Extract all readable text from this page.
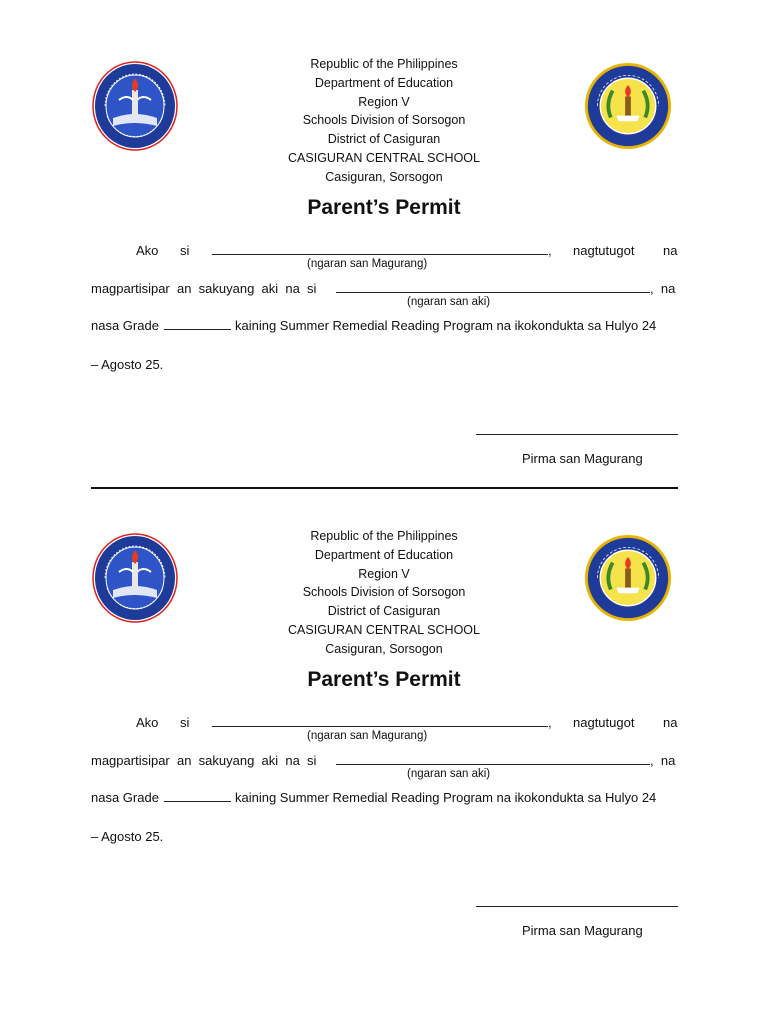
Republic of the Philippines
Department of Education
Region V
Schools Division of Sorsogon
District of Casiguran
CASIGURAN CENTRAL SCHOOL
Casiguran, Sorsogon
Parent’s Permit
Ako si	, nagtutugot na
(ngaran san Magurang)
magpartisipar  an  sakuyang  aki  na  si	,  na
(ngaran san aki)
nasa Grade	kaining Summer Remedial Reading Program na ikokondukta sa Hulyo 24
– Agosto 25.
Pirma san Magurang
Republic of the Philippines
Department of Education
Region V
Schools Division of Sorsogon
District of Casiguran
CASIGURAN CENTRAL SCHOOL
Casiguran, Sorsogon
Parent’s Permit
Ako si	, nagtutugot na
(ngaran san Magurang)
magpartisipar  an  sakuyang  aki  na  si	,  na
(ngaran san aki)
nasa Grade	kaining Summer Remedial Reading Program na ikokondukta sa Hulyo 24
– Agosto 25.
Pirma san Magurang
